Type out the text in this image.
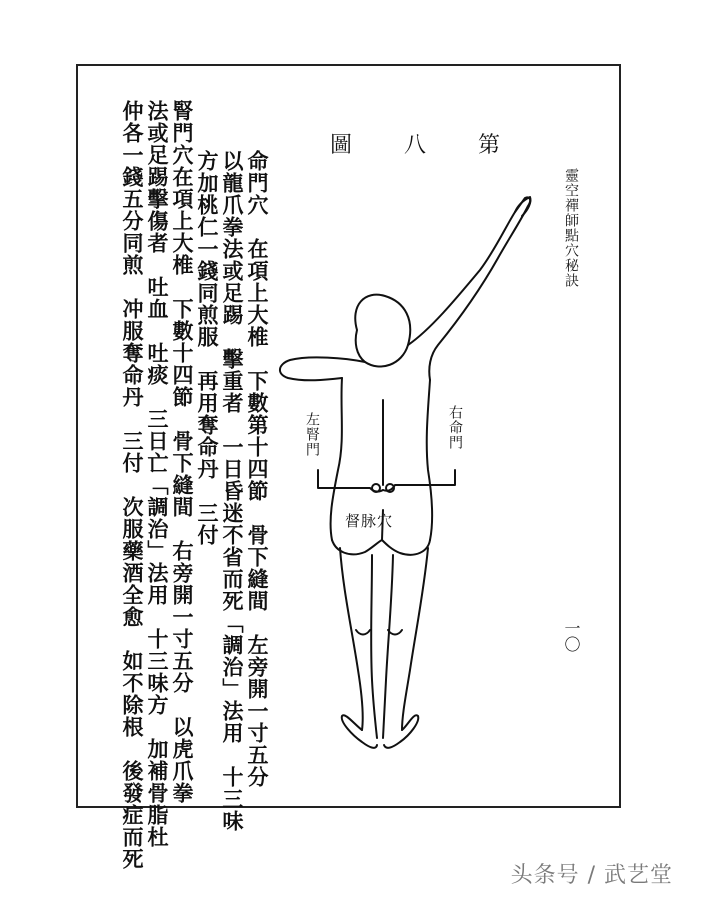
靈空禪師點穴秘訣
圖 八 第
一〇
命門穴　在項上大椎　下數第十四節　骨下縫間　左旁開一寸五分
以龍爪拳法或足踢　擊重者　一日昏迷不省而死「調治」法用　十三味
方加桃仁一錢同煎服　再用奪命丹　三付
腎門穴在項上大椎　下數十四節　骨下縫間　右旁開一寸五分　以虎爪拳
法或足踢擊傷者　吐血　吐痰　三日亡「調治」法用　十三味方　加補骨脂杜
仲各一錢五分同煎　冲服奪命丹　三付　次服藥酒全愈　如不除根　後發症而死	右命門
左腎門
督脉穴
头条号 / 武艺堂
